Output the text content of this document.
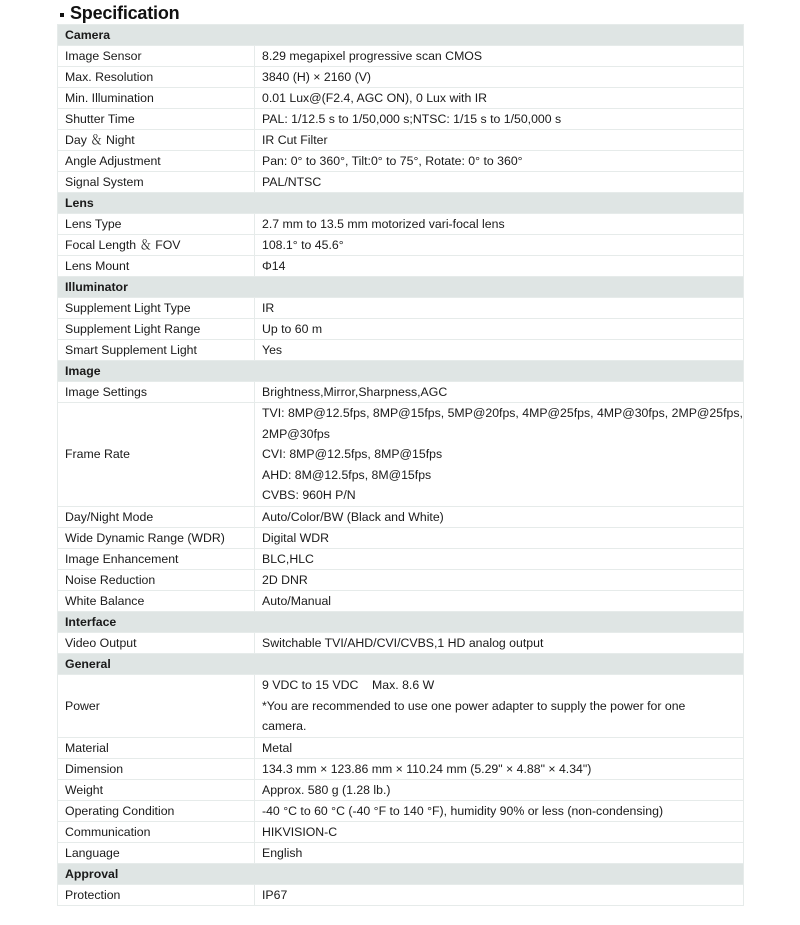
Specification
Camera	
Image Sensor	8.29 megapixel progressive scan CMOS
Max. Resolution	3840 (H) × 2160 (V)
Min. Illumination	0.01 Lux@(F2.4, AGC ON), 0 Lux with IR
Shutter Time	PAL: 1/12.5 s to 1/50,000 s;NTSC: 1/15 s to 1/50,000 s
Day ＆ Night	IR Cut Filter
Angle Adjustment	Pan: 0° to 360°, Tilt:0° to 75°, Rotate: 0° to 360°
Signal System	PAL/NTSC
Lens	
Lens Type	2.7 mm to 13.5 mm motorized vari-focal lens
Focal Length ＆ FOV	108.1° to 45.6°
Lens Mount	Φ14
Illuminator	
Supplement Light Type	IR
Supplement Light Range	Up to 60 m
Smart Supplement Light	Yes
Image	
Image Settings	Brightness,Mirror,Sharpness,AGC
Frame Rate	TVI: 8MP@12.5fps, 8MP@15fps, 5MP@20fps, 4MP@25fps, 4MP@30fps, 2MP@25fps,
2MP@30fps
CVI: 8MP@12.5fps, 8MP@15fps
AHD: 8M@12.5fps, 8M@15fps
CVBS: 960H P/N

Day/Night Mode	Auto/Color/BW (Black and White)
Wide Dynamic Range (WDR)	Digital WDR
Image Enhancement	BLC,HLC
Noise Reduction	2D DNR
White Balance	Auto/Manual
Interface	
Video Output	Switchable TVI/AHD/CVI/CVBS,1 HD analog output
General	
Power	9 VDC to 15 VDC    Max. 8.6 W
*You are recommended to use one power adapter to supply the power for one
camera.

Material	Metal
Dimension	134.3 mm × 123.86 mm × 110.24 mm (5.29" × 4.88" × 4.34")
Weight	Approx. 580 g (1.28 lb.)
Operating Condition	-40 °C to 60 °C (-40 °F to 140 °F), humidity 90% or less (non-condensing)
Communication	HIKVISION-C
Language	English
Approval	
Protection	IP67
